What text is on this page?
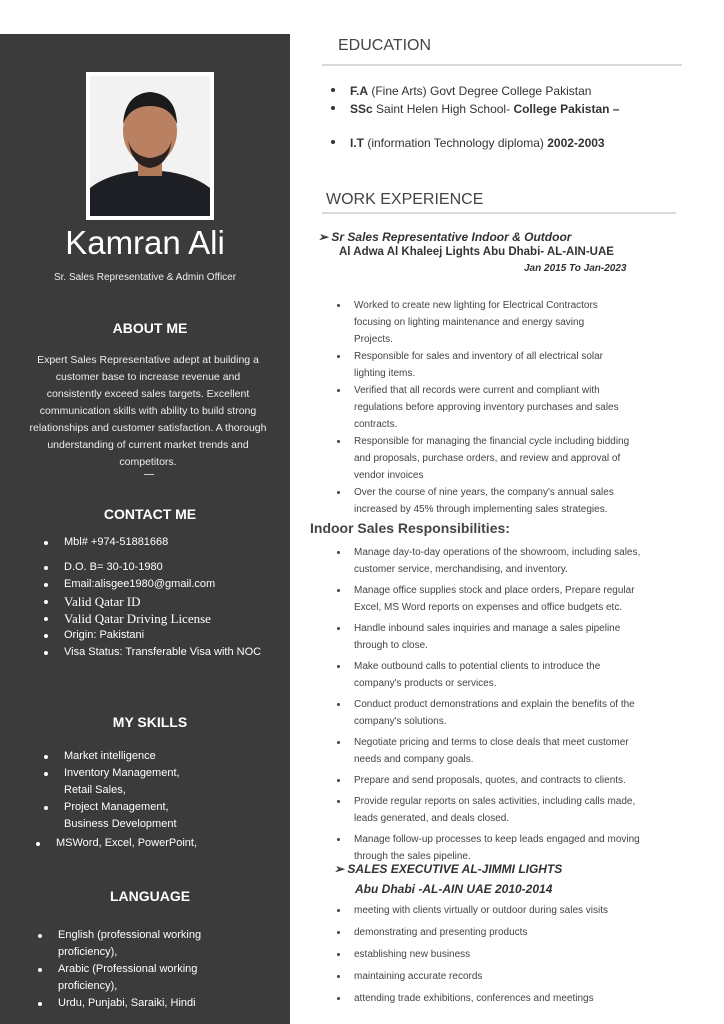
Kamran Ali
Sr. Sales Representative & Admin Officer
ABOUT ME
Expert Sales Representative adept at building a customer base to increase revenue and consistently exceed sales targets. Excellent communication skills with ability to build strong relationships and customer satisfaction. A thorough understanding of current market trends and competitors.
CONTACT ME
Mbl# +974-51881668
D.O. B= 30-10-1980
Email:alisgee1980@gmail.com
Valid Qatar ID
Valid Qatar Driving License
Origin: Pakistani
Visa Status: Transferable Visa with NOC
MY SKILLS
Market intelligence
Inventory Management,
Retail Sales,
Project Management,
Business Development
MSWord, Excel, PowerPoint,
LANGUAGE
English (professional working
proficiency),
Arabic (Professional working
proficiency),
Urdu, Punjabi, Saraiki, Hindi
EDUCATION
F.A (Fine Arts) Govt Degree College Pakistan
SSc Saint Helen High School- College Pakistan –
I.T (information Technology diploma) 2002-2003
WORK EXPERIENCE
➢ Sr Sales Representative Indoor & Outdoor
Al Adwa Al Khaleej Lights Abu Dhabi- AL-AIN-UAE
Jan 2015 To Jan-2023
Worked to create new lighting for Electrical Contractors
focusing on lighting maintenance and energy saving
Projects.
Responsible for sales and inventory of all electrical solar
lighting items.
Verified that all records were current and compliant with
regulations before approving inventory purchases and sales
contracts.
Responsible for managing the financial cycle including bidding
and proposals, purchase orders, and review and approval of
vendor invoices
Over the course of nine years, the company's annual sales
increased by 45% through implementing sales strategies.
Indoor Sales Responsibilities:
Manage day-to-day operations of the showroom, including sales,
customer service, merchandising, and inventory.
Manage office supplies stock and place orders, Prepare regular
Excel, MS Word reports on expenses and office budgets etc.
Handle inbound sales inquiries and manage a sales pipeline
through to close.
Make outbound calls to potential clients to introduce the
company's products or services.
Conduct product demonstrations and explain the benefits of the
company's solutions.
Negotiate pricing and terms to close deals that meet customer
needs and company goals.
Prepare and send proposals, quotes, and contracts to clients.
Provide regular reports on sales activities, including calls made,
leads generated, and deals closed.
Manage follow-up processes to keep leads engaged and moving
through the sales pipeline.
➢ SALES EXECUTIVE AL-JIMMI LIGHTS
Abu Dhabi -AL-AIN UAE 2010-2014
meeting with clients virtually or outdoor during sales visits
demonstrating and presenting products
establishing new business
maintaining accurate records
attending trade exhibitions, conferences and meetings
